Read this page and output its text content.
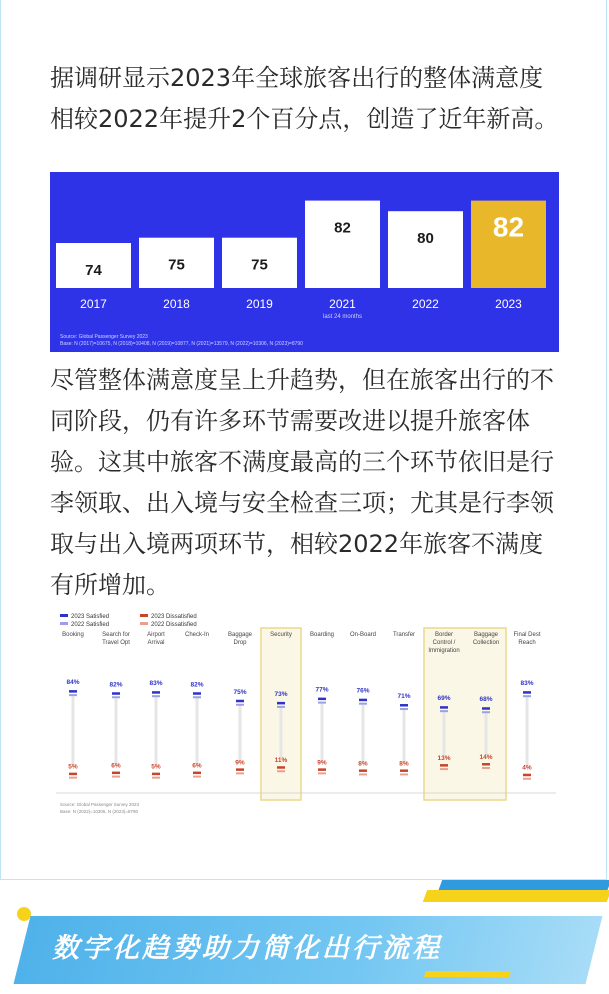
据调研显示2023年全球旅客出行的整体满意度相较2022年提升2个百分点，创造了近年新高。

74
2017
75
2018
75
2019
82
2021
last 24 months
80
2022
82
2023
Source: Global Passenger Survey 2023
Base: N (2017)=10675, N (2018)=10408, N (2019)=10877, N (2021)=13579, N (2022)=10306, N (2023)=8790

尽管整体满意度呈上升趋势，但在旅客出行的不同阶段，仍有许多环节需要改进以提升旅客体验。这其中旅客不满度最高的三个环节依旧是行李领取、出入境与安全检查三项；尤其是行李领取与出入境两项环节，相较2022年旅客不满度有所增加。

2023 Satisfied
2022 Satisfied
2023 Dissatisfied
2022 Dissatisfied
Booking
84%
5%
Search for
Travel Opt
82%
6%
Airport
Arrival
83%
5%
Check-In
82%
6%
Baggage
Drop
75%
9%
Security
73%
11%
Boarding
77%
9%
On-Board
76%
8%
Transfer
71%
8%
Border
Control /
Immigration
69%
13%
Baggage
Collection
68%
14%
Final Dest
Reach
83%
4%
Source: Global Passenger Survey 2023
Base: N (2022)=10306, N (2023)=8790
数字化趋势助力简化出行流程
